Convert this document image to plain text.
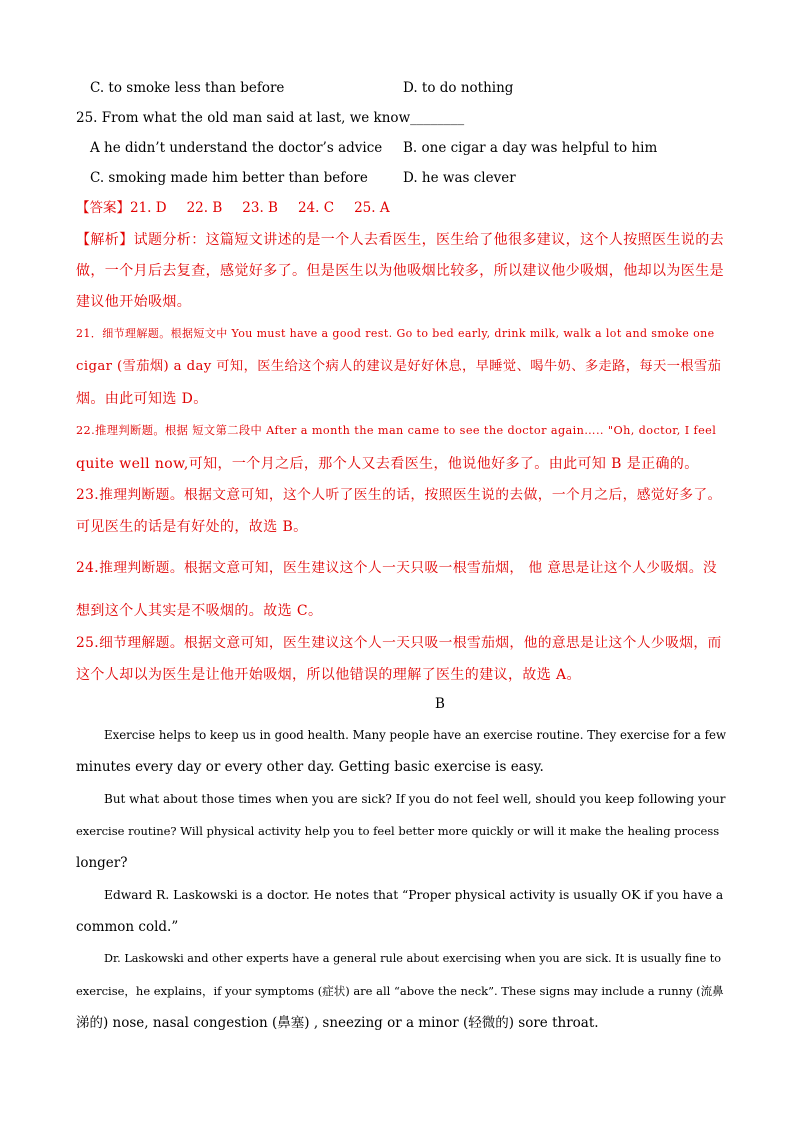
C. to smoke less than before	D. to do nothing
25. From what the old man said at last, we know________
A he didn’t understand the doctor’s advice B. one cigar a day was helpful to him
C. smoking made him better than before	D. he was clever
【答案】21. D 22. B 23. B 24. C 25. A
【解析】试题分析：这篇短文讲述的是一个人去看医生，医生给了他很多建议，这个人按照医生说的去
做，一个月后去复查，感觉好多了。但是医生以为他吸烟比较多，所以建议他少吸烟，他却以为医生是
建议他开始吸烟。
21．细节理解题。根据短文中 You must have a good rest. Go to bed early, drink milk, walk a lot and smoke one
cigar (雪茄烟) a day 可知，医生给这个病人的建议是好好休息，早睡觉、喝牛奶、多走路，每天一根雪茄
烟。由此可知选 D。
22.推理判断题。根据 短文第二段中 After a month the man came to see the doctor again….. "Oh, doctor, I feel
quite well now,可知，一个月之后，那个人又去看医生，他说他好多了。由此可知 B 是正确的。
23.推理判断题。根据文意可知，这个人听了医生的话，按照医生说的去做，一个月之后，感觉好多了。
可见医生的话是有好处的，故选 B。
24.推理判断题。根据文意可知，医生建议这个人一天只吸一根雪茄烟， 他 意思是让这个人少吸烟。没
想到这个人其实是不吸烟的。故选 C。
25.细节理解题。根据文意可知，医生建议这个人一天只吸一根雪茄烟，他的意思是让这个人少吸烟，而
这个人却以为医生是让他开始吸烟，所以他错误的理解了医生的建议，故选 A。
B
Exercise helps to keep us in good health. Many people have an exercise routine. They exercise for a few
minutes every day or every other day. Getting basic exercise is easy.
But what about those times when you are sick? If you do not feel well, should you keep following your
exercise routine? Will physical activity help you to feel better more quickly or will it make the healing process
longer?
Edward R. Laskowski is a doctor. He notes that “Proper physical activity is usually OK if you have a
common cold.”
Dr. Laskowski and other experts have a general rule about exercising when you are sick. It is usually fine to
exercise，he explains，if your symptoms (症状) are all “above the neck”. These signs may include a runny (流鼻
涕的) nose, nasal congestion (鼻塞) , sneezing or a minor (轻微的) sore throat.
